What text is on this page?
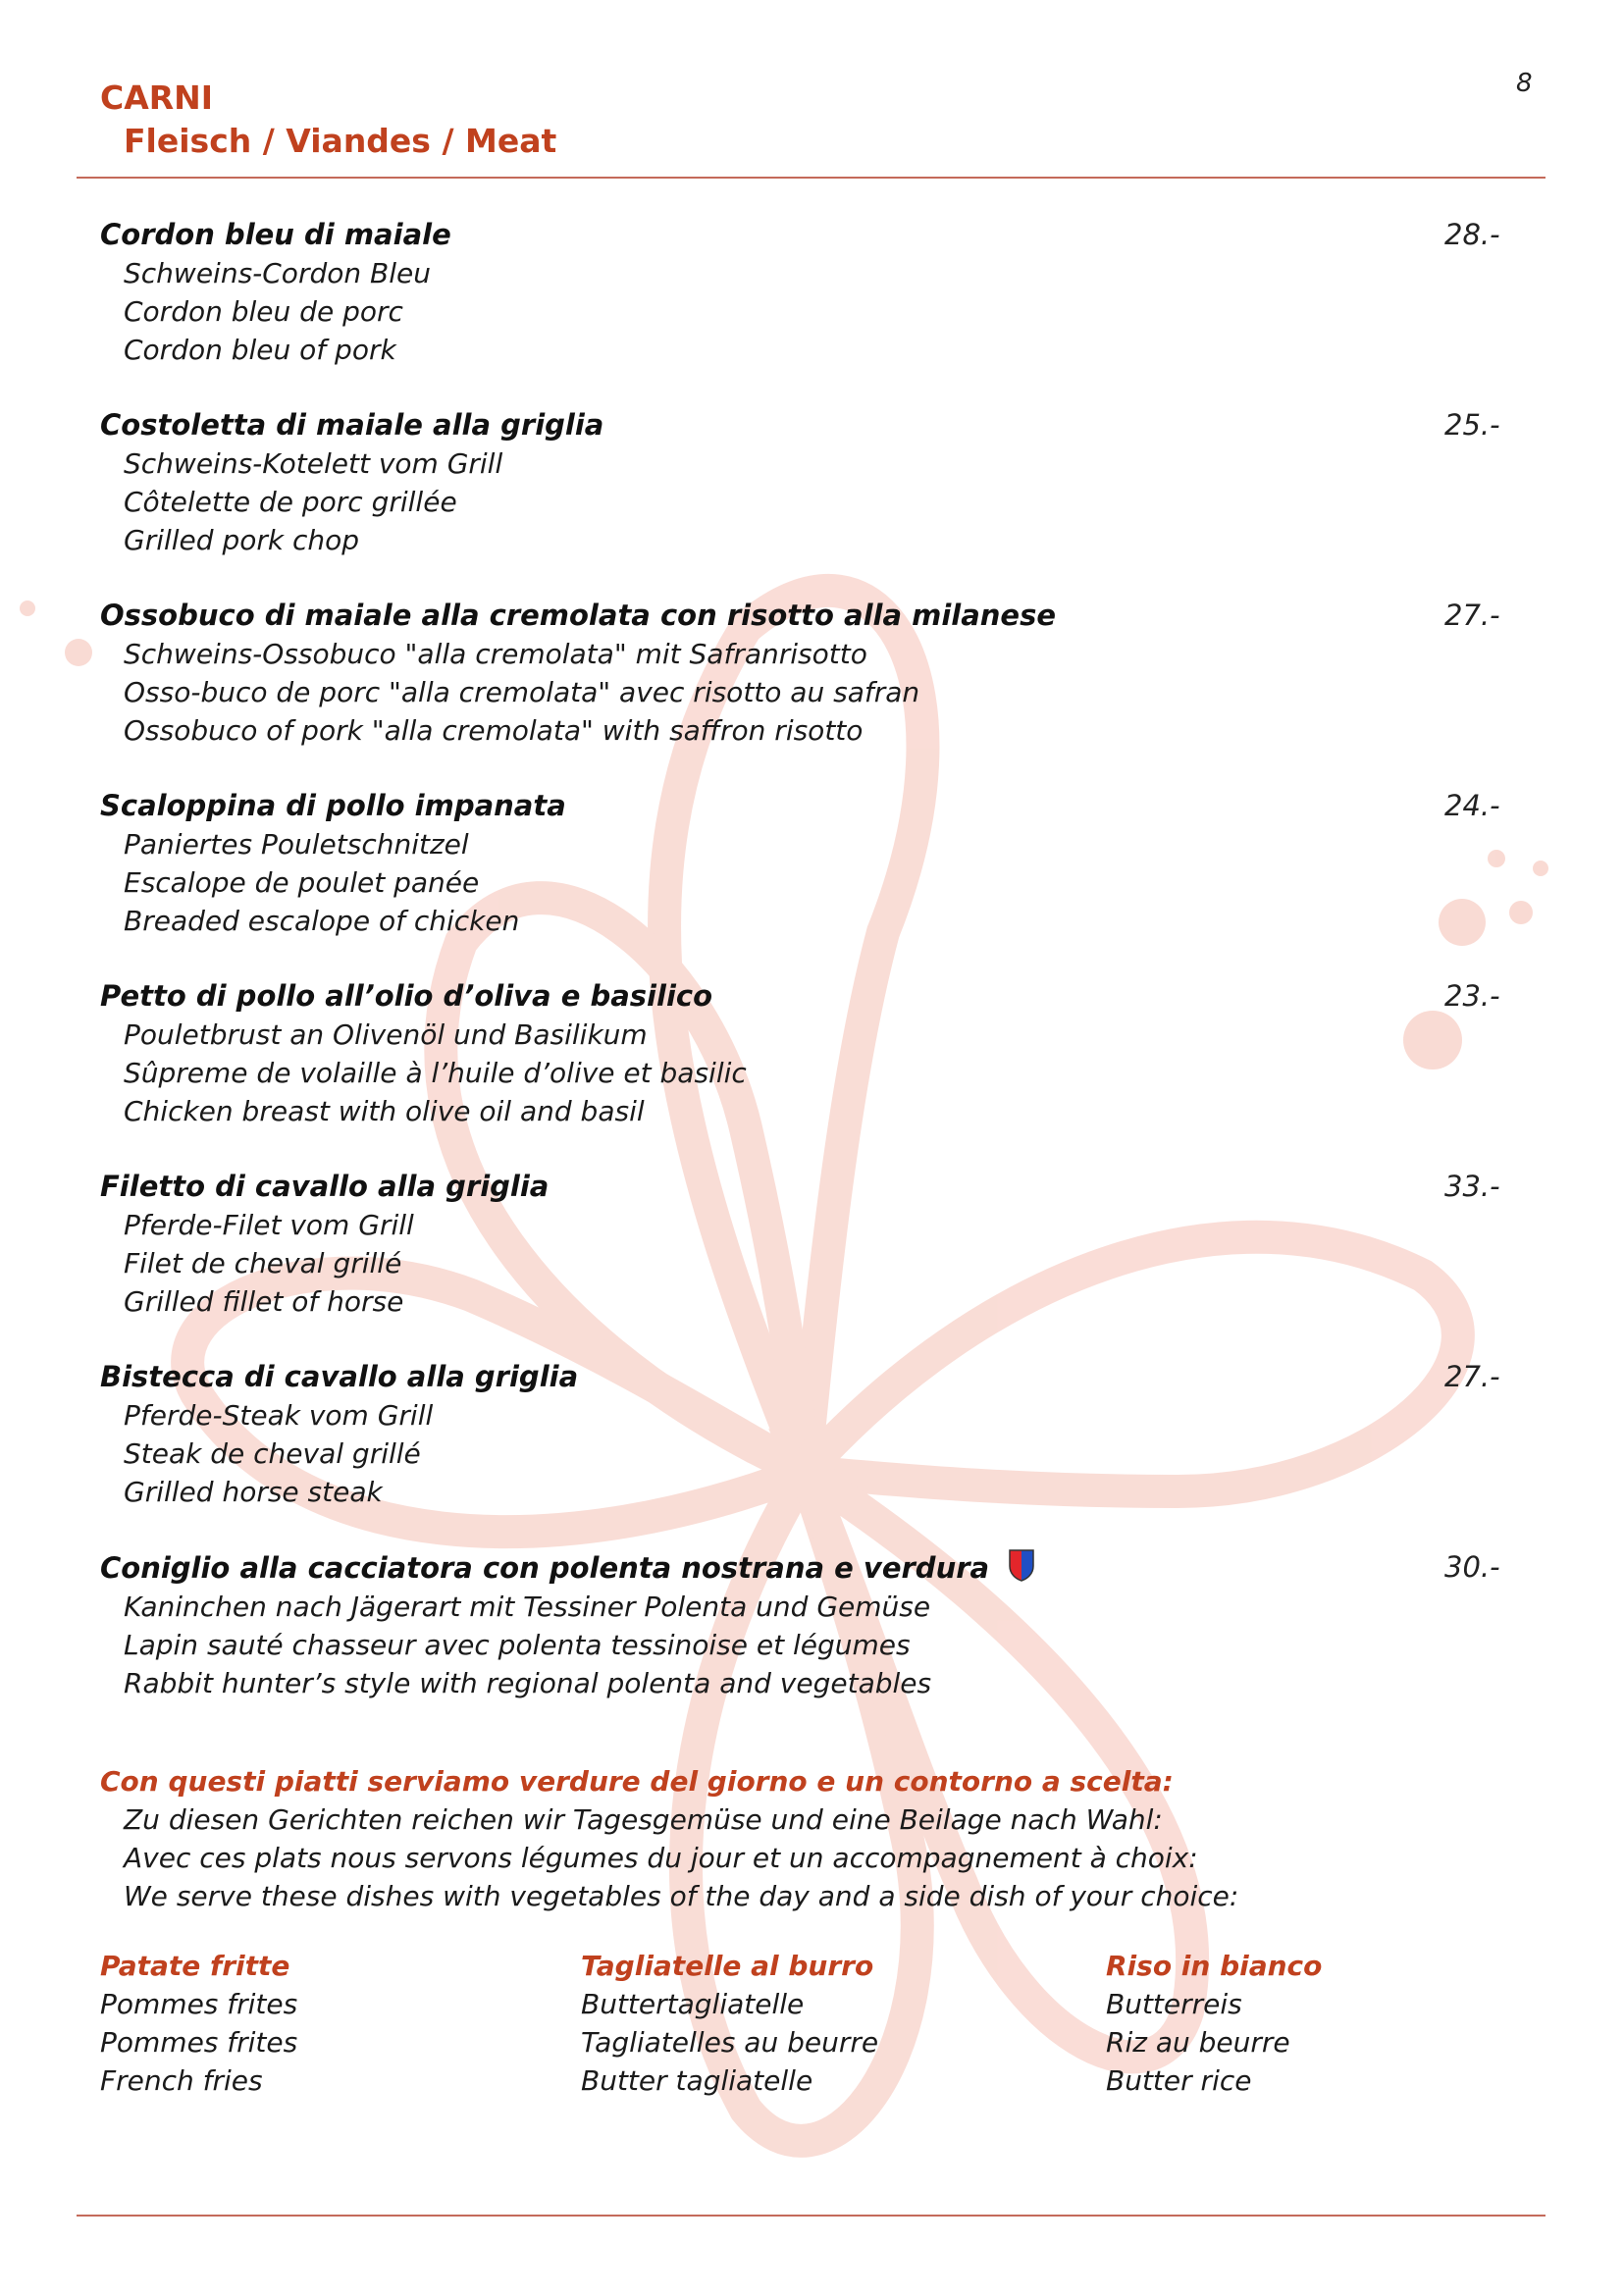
8
CARNI
Fleisch / Viandes / Meat
Cordon bleu di maiale	28.-
Schweins-Cordon Bleu
Cordon bleu de porc
Cordon bleu of pork
Costoletta di maiale alla griglia	25.-
Schweins-Kotelett vom Grill
Côtelette de porc grillée
Grilled pork chop
Ossobuco di maiale alla cremolata con risotto alla milanese	27.-
Schweins-Ossobuco "alla cremolata" mit Safranrisotto
Osso-buco de porc "alla cremolata" avec risotto au safran
Ossobuco of pork "alla cremolata" with saffron risotto
Scaloppina di pollo impanata	24.-
Paniertes Pouletschnitzel
Escalope de poulet panée
Breaded escalope of chicken
Petto di pollo all’olio d’oliva e basilico	23.-
Pouletbrust an Olivenöl und Basilikum
Sûpreme de volaille à l’huile d’olive et basilic
Chicken breast with olive oil and basil
Filetto di cavallo alla griglia	33.-
Pferde-Filet vom Grill
Filet de cheval grillé
Grilled fillet of horse
Bistecca di cavallo alla griglia	27.-
Pferde-Steak vom Grill
Steak de cheval grillé
Grilled horse steak
Coniglio alla cacciatora con polenta nostrana e verdura	30.-
Kaninchen nach Jägerart mit Tessiner Polenta und Gemüse
Lapin sauté chasseur avec polenta tessinoise et légumes
Rabbit hunter’s style with regional polenta and vegetables
Con questi piatti serviamo verdure del giorno e un contorno a scelta:
Zu diesen Gerichten reichen wir Tagesgemüse und eine Beilage nach Wahl:
Avec ces plats nous servons légumes du jour et un accompagnement à choix:
We serve these dishes with vegetables of the day and a side dish of your choice:
Patate fritte
Pommes frites
Pommes frites
French fries
Tagliatelle al burro
Buttertagliatelle
Tagliatelles au beurre
Butter tagliatelle
Riso in bianco
Butterreis
Riz au beurre
Butter rice
